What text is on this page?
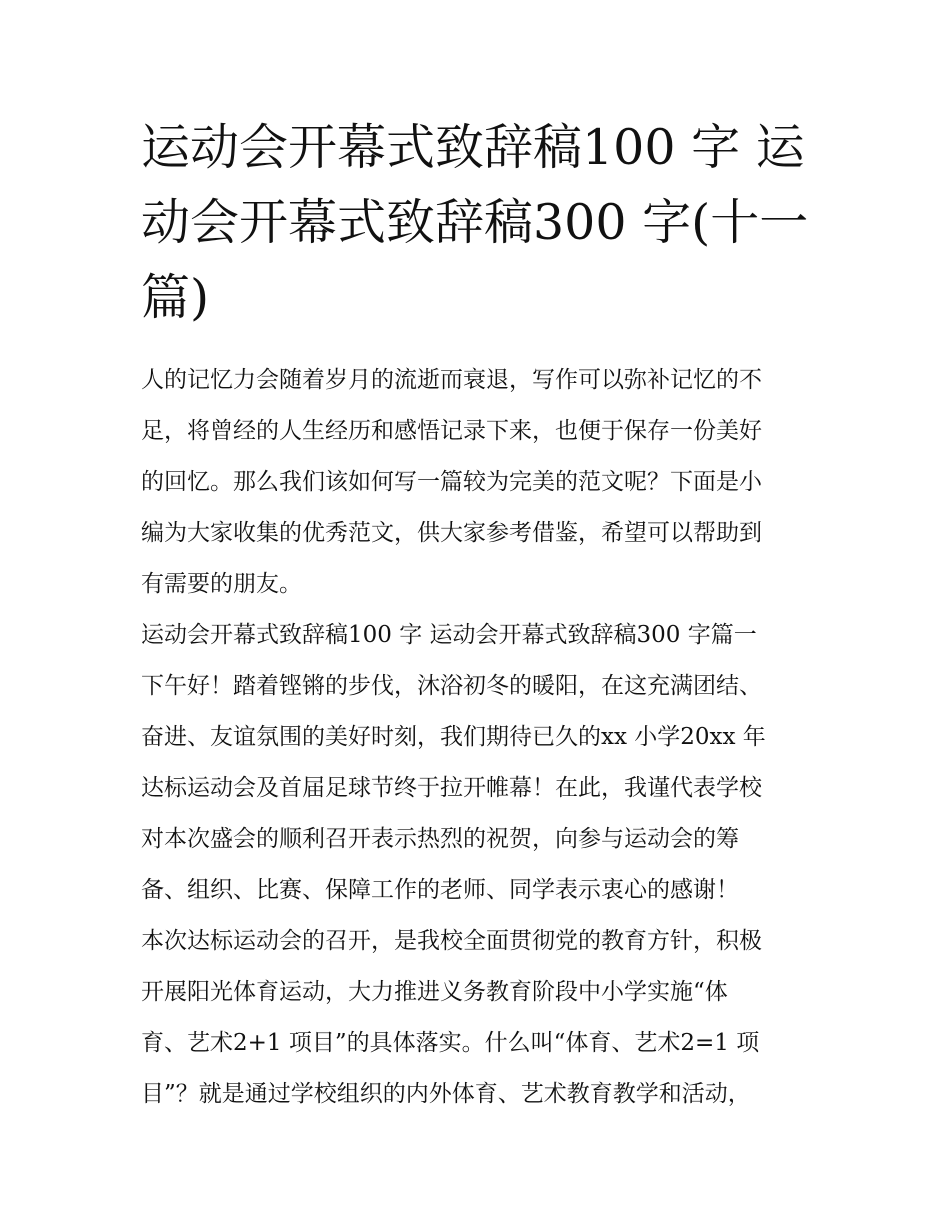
运动会开幕式致辞稿100 字 运
动会开幕式致辞稿300 字(十一
篇)
人的记忆力会随着岁月的流逝而衰退，写作可以弥补记忆的不
足，将曾经的人生经历和感悟记录下来，也便于保存一份美好
的回忆。那么我们该如何写一篇较为完美的范文呢？下面是小
编为大家收集的优秀范文，供大家参考借鉴，希望可以帮助到
有需要的朋友。
运动会开幕式致辞稿100 字 运动会开幕式致辞稿300 字篇一
下午好！踏着铿锵的步伐，沐浴初冬的暖阳，在这充满团结、
奋进、友谊氛围的美好时刻，我们期待已久的xx 小学20xx 年
达标运动会及首届足球节终于拉开帷幕！在此，我谨代表学校
对本次盛会的顺利召开表示热烈的祝贺，向参与运动会的筹
备、组织、比赛、保障工作的老师、同学表示衷心的感谢！
本次达标运动会的召开，是我校全面贯彻党的教育方针，积极
开展阳光体育运动，大力推进义务教育阶段中小学实施“体
育、艺术2+1 项目”的具体落实。什么叫“体育、艺术2=1 项
目”？就是通过学校组织的内外体育、艺术教育教学和活动，
